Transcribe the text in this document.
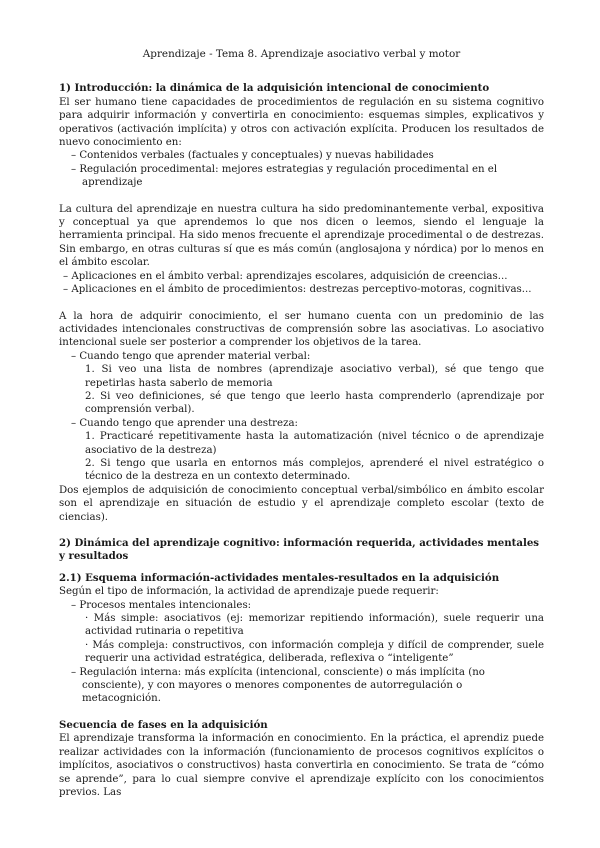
Aprendizaje - Tema 8. Aprendizaje asociativo verbal y motor
1) Introducción: la dinámica de la adquisición intencional de conocimiento

El ser humano tiene capacidades de procedimientos de regulación en su sistema cognitivo para adquirir información y convertirla en conocimiento: esquemas simples, explicativos y operativos (activación implícita) y otros con activación explícita. Producen los resultados de nuevo conocimiento en:

– Contenidos verbales (factuales y conceptuales) y nuevas habilidades
– Regulación procedimental: mejores estrategias y regulación procedimental en el aprendizaje

La cultura del aprendizaje en nuestra cultura ha sido predominantemente verbal, expositiva y conceptual ya que aprendemos lo que nos dicen o leemos, siendo el lenguaje la herramienta principal. Ha sido menos frecuente el aprendizaje procedimental o de destrezas. Sin embargo, en otras culturas sí que es más común (anglosajona y nórdica) por lo menos en el ámbito escolar.

– Aplicaciones en el ámbito verbal: aprendizajes escolares, adquisición de creencias...
– Aplicaciones en el ámbito de procedimientos: destrezas perceptivo-motoras, cognitivas...

A la hora de adquirir conocimiento, el ser humano cuenta con un predominio de las actividades intencionales constructivas de comprensión sobre las asociativas. Lo asociativo intencional suele ser posterior a comprender los objetivos de la tarea.

– Cuando tengo que aprender material verbal:
1. Si veo una lista de nombres (aprendizaje asociativo verbal), sé que tengo que repetirlas hasta saberlo de memoria
2. Si veo definiciones, sé que tengo que leerlo hasta comprenderlo (aprendizaje por comprensión verbal).
– Cuando tengo que aprender una destreza:
1. Practicaré repetitivamente hasta la automatización (nivel técnico o de aprendizaje asociativo de la destreza)
2. Si tengo que usarla en entornos más complejos, aprenderé el nivel estratégico o técnico de la destreza en un contexto determinado.

Dos ejemplos de adquisición de conocimiento conceptual verbal/simbólico en ámbito escolar son el aprendizaje en situación de estudio y el aprendizaje completo escolar (texto de ciencias).

2) Dinámica del aprendizaje cognitivo: información requerida, actividades mentales y resultados
2.1) Esquema información-actividades mentales-resultados en la adquisición

Según el tipo de información, la actividad de aprendizaje puede requerir:

– Procesos mentales intencionales:
· Más simple: asociativos (ej: memorizar repitiendo información), suele requerir una actividad rutinaria o repetitiva
· Más compleja: constructivos, con información compleja y difícil de comprender, suele requerir una actividad estratégica, deliberada, reflexiva o “inteligente”
– Regulación interna: más explícita (intencional, consciente) o más implícita (no consciente), y con mayores o menores componentes de autorregulación o metacognición.
Secuencia de fases en la adquisición

El aprendizaje transforma la información en conocimiento. En la práctica, el aprendiz puede realizar actividades con la información (funcionamiento de procesos cognitivos explícitos o implícitos, asociativos o constructivos) hasta convertirla en conocimiento. Se trata de “cómo se aprende”, para lo cual siempre convive el aprendizaje explícito con los conocimientos previos. Las
